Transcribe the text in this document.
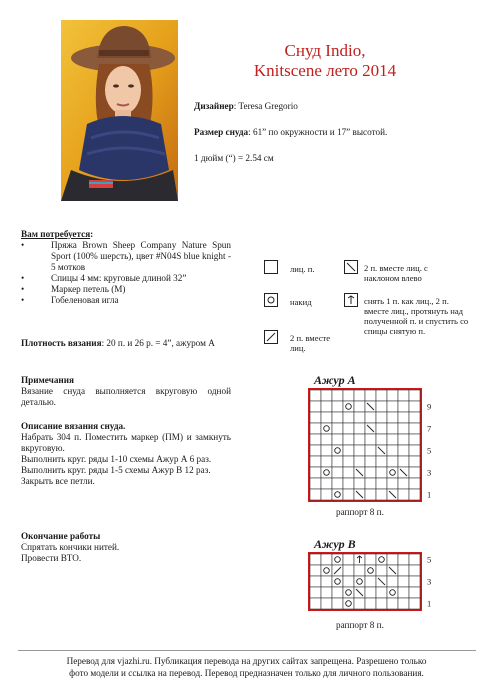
Снуд Indio,
Knitscene лето 2014
Дизайнер: Teresa Gregorio
Размер снуда: 61” по окружности и 17” высотой.
1 дюйм (“) = 2.54 см
Вам потребуется:
•	Пряжа Brown Sheep Company Nature Spun Sport (100% шерсть), цвет #N04S blue knight - 5 мотков
•	Спицы 4 мм: круговые длиной 32”
•	Маркер петель (М)
•	Гобеленовая игла
Плотность вязания: 20 п. и 26 р. = 4”, ажуром А
Примечания
Вязание снуда выполняется вкруговую одной деталью.
Описание вязания снуда.
Набрать 304 п. Поместить маркер (ПМ) и замкнуть вкруговую.
Выполнить круг. ряды 1-10 схемы Ажур А 6 раз.
Выполнить круг. ряды 1-5 схемы Ажур В 12 раз.
Закрыть все петли.
Окончание работы
Спрятать кончики нитей.
Провести ВТО.
лиц. п.
накид
2 п. вместе лиц.
2 п. вместе лиц. с наклоном влево
снять 1 п. как лиц., 2 п. вместе лиц., протянуть над полученной п. и спустить со спицы снятую п.
Ажур А
9
7
5
3
1
раппорт 8 п.
Ажур В
5
3
1
раппорт 8 п.
Перевод для vjazhi.ru. Публикация перевода на других сайтах запрещена. Разрешено только
фото модели и ссылка на перевод. Перевод предназначен только для личного пользования.
